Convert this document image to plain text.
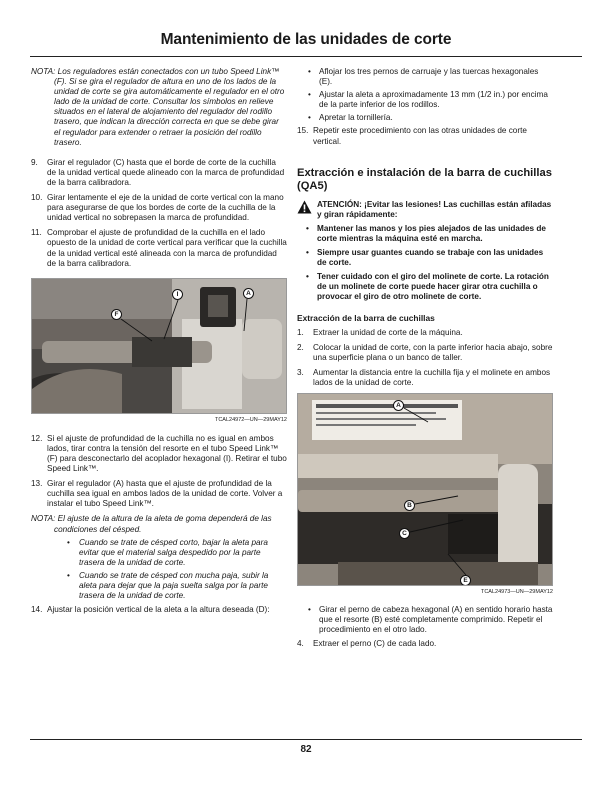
Mantenimiento de las unidades de corte
NOTA: Los reguladores están conectados con un tubo Speed Link™ (F). Si se gira el regulador de altura en uno de los lados de la unidad de corte se gira automáticamente el regulador en el otro lado de la unidad de corte. Consultar los símbolos en relieve situados en el lateral de alojamiento del regulador del rodillo trasero, que indican la dirección correcta en que se debe girar el regulador para extender o retraer la posición del rodillo trasero.
9. Girar el regulador (C) hasta que el borde de corte de la cuchilla de la unidad vertical quede alineado con la marca de profundidad de la barra calibradora.
10. Girar lentamente el eje de la unidad de corte vertical con la mano para asegurarse de que los bordes de corte de la cuchilla de la unidad vertical no sobrepasen la marca de profundidad.
11. Comprobar el ajuste de profundidad de la cuchilla en el lado opuesto de la unidad de corte vertical para verificar que la cuchilla de la unidad vertical esté alineada con la marca de profundidad de la barra calibradora.
F
I	A
TCAL24972—UN—29MAY12
12. Si el ajuste de profundidad de la cuchilla no es igual en ambos lados, tirar contra la tensión del resorte en el tubo Speed Link™ (F) para desconectarlo del acoplador hexagonal (I). Retirar el tubo Speed Link™.
13. Girar el regulador (A) hasta que el ajuste de profundidad de la cuchilla sea igual en ambos lados de la unidad de corte. Volver a instalar el tubo Speed Link™.
NOTA: El ajuste de la altura de la aleta de goma dependerá de las condiciones del césped.
• Cuando se trate de césped corto, bajar la aleta para evitar que el material salga despedido por la parte trasera de la unidad de corte.
• Cuando se trate de césped con mucha paja, subir la aleta para dejar que la paja suelta salga por la parte trasera de la unidad de corte.
14. Ajustar la posición vertical de la aleta a la altura deseada (D):
• Aflojar los tres pernos de carruaje y las tuercas hexagonales (E).
• Ajustar la aleta a aproximadamente 13 mm (1/2 in.) por encima de la parte inferior de los rodillos.
• Apretar la tornillería.
15. Repetir este procedimiento con las otras unidades de corte vertical.
Extracción e instalación de la barra de cuchillas (QA5)
ATENCIÓN: ¡Evitar las lesiones! Las cuchillas están afiladas y giran rápidamente:
• Mantener las manos y los pies alejados de las unidades de corte mientras la máquina esté en marcha.
• Siempre usar guantes cuando se trabaje con las unidades de corte.
• Tener cuidado con el giro del molinete de corte. La rotación de un molinete de corte puede hacer girar otra cuchilla o provocar el giro de otro molinete de corte.
Extracción de la barra de cuchillas
1. Extraer la unidad de corte de la máquina.
2. Colocar la unidad de corte, con la parte inferior hacia abajo, sobre una superficie plana o un banco de taller.
3. Aumentar la distancia entre la cuchilla fija y el molinete en ambos lados de la unidad de corte.
A
B
C
E
TCAL24973—UN—29MAY12
• Girar el perno de cabeza hexagonal (A) en sentido horario hasta que el resorte (B) esté completamente comprimido. Repetir el procedimiento en el otro lado.
4. Extraer el perno (C) de cada lado.
82
